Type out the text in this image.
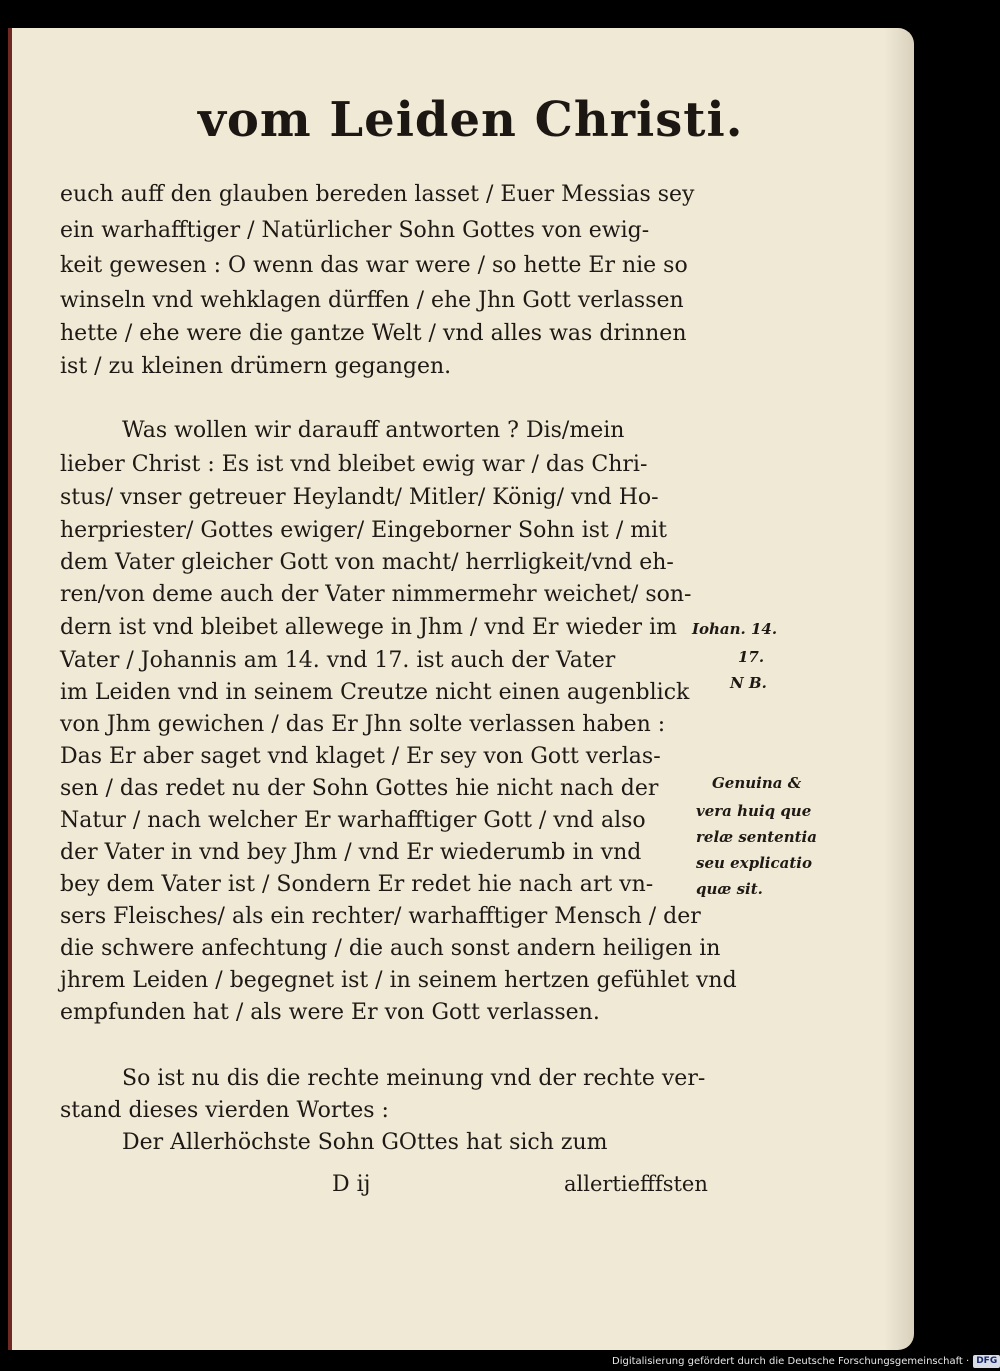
vom Leiden Christi.
euch auff den glauben bereden lasset / Euer Messias sey
ein warhafftiger / Natürlicher Sohn Gottes von ewig-
keit gewesen : O wenn das war were / so hette Er nie so
winseln vnd wehklagen dürffen / ehe Jhn Gott verlassen
hette / ehe were die gantze Welt / vnd alles was drinnen
ist / zu kleinen drümern gegangen.
Was wollen wir darauff antworten ? Dis/mein
lieber Christ : Es ist vnd bleibet ewig war / das Chri-
stus/ vnser getreuer Heylandt/ Mitler/ König/ vnd Ho-
herpriester/ Gottes ewiger/ Eingeborner Sohn ist / mit
dem Vater gleicher Gott von macht/ herrligkeit/vnd eh-
ren/von deme auch der Vater nimmermehr weichet/ son-
dern ist vnd bleibet allewege in Jhm / vnd Er wieder im
Vater / Johannis am 14. vnd 17. ist auch der Vater
im Leiden vnd in seinem Creutze nicht einen augenblick
von Jhm gewichen / das Er Jhn solte verlassen haben :
Das Er aber saget vnd klaget / Er sey von Gott verlas-
sen / das redet nu der Sohn Gottes hie nicht nach der
Natur / nach welcher Er warhafftiger Gott / vnd also
der Vater in vnd bey Jhm / vnd Er wiederumb in vnd
bey dem Vater ist / Sondern Er redet hie nach art vn-
sers Fleisches/ als ein rechter/ warhafftiger Mensch / der
die schwere anfechtung / die auch sonst andern heiligen in
jhrem Leiden / begegnet ist / in seinem hertzen gefühlet vnd
empfunden hat / als were Er von Gott verlassen.
So ist nu dis die rechte meinung vnd der rechte ver-
stand dieses vierden Wortes :
Der Allerhöchste Sohn GOttes hat sich zum
Iohan. 14.
17.
N B.
Genuina &
vera huiq que
relæ sententia
seu explicatio
quæ sit.
D ij	allertiefffsten
Digitalisierung gefördert durch die Deutsche Forschungsgemeinschaft · DFG
